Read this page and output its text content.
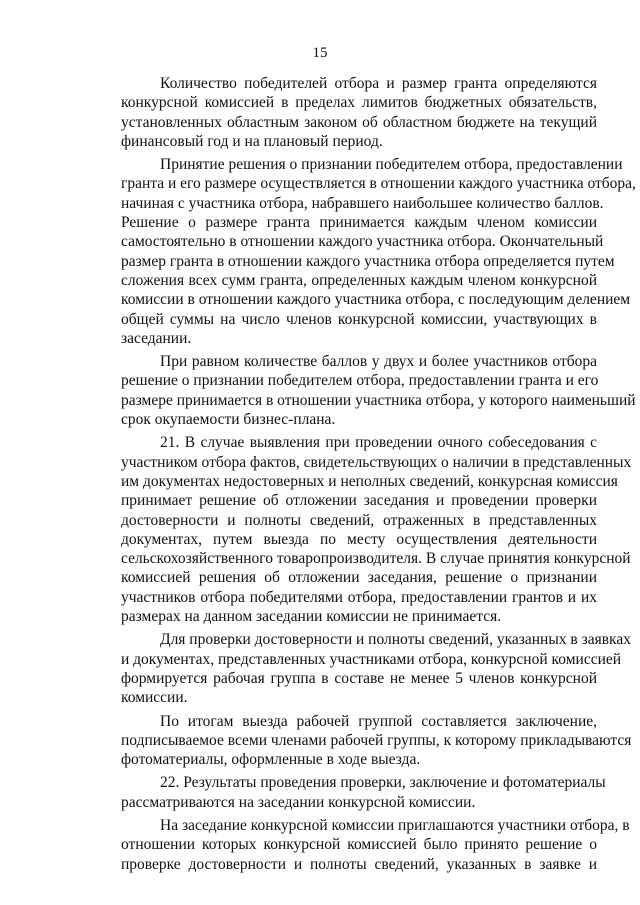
15
Количество победителей отбора и размер гранта определяются
конкурсной комиссией в пределах лимитов бюджетных обязательств,
установленных областным законом об областном бюджете на текущий
финансовый год и на плановый период.
Принятие решения о признании победителем отбора, предоставлении
гранта и его размере осуществляется в отношении каждого участника отбора,
начиная с участника отбора, набравшего наибольшее количество баллов.
Решение о размере гранта принимается каждым членом комиссии
самостоятельно в отношении каждого участника отбора. Окончательный
размер гранта в отношении каждого участника отбора определяется путем
сложения всех сумм гранта, определенных каждым членом конкурсной
комиссии в отношении каждого участника отбора, с последующим делением
общей суммы на число членов конкурсной комиссии, участвующих в
заседании.
При равном количестве баллов у двух и более участников отбора
решение о признании победителем отбора, предоставлении гранта и его
размере принимается в отношении участника отбора, у которого наименьший
срок окупаемости бизнес-плана.
21. В случае выявления при проведении очного собеседования с
участником отбора фактов, свидетельствующих о наличии в представленных
им документах недостоверных и неполных сведений, конкурсная комиссия
принимает решение об отложении заседания и проведении проверки
достоверности и полноты сведений, отраженных в представленных
документах, путем выезда по месту осуществления деятельности
сельскохозяйственного товаропроизводителя. В случае принятия конкурсной
комиссией решения об отложении заседания, решение о признании
участников отбора победителями отбора, предоставлении грантов и их
размерах на данном заседании комиссии не принимается.
Для проверки достоверности и полноты сведений, указанных в заявках
и документах, представленных участниками отбора, конкурсной комиссией
формируется рабочая группа в составе не менее 5 членов конкурсной
комиссии.
По итогам выезда рабочей группой составляется заключение,
подписываемое всеми членами рабочей группы, к которому прикладываются
фотоматериалы, оформленные в ходе выезда.
22. Результаты проведения проверки, заключение и фотоматериалы
рассматриваются на заседании конкурсной комиссии.
На заседание конкурсной комиссии приглашаются участники отбора, в
отношении которых конкурсной комиссией было принято решение о
проверке достоверности и полноты сведений, указанных в заявке и
